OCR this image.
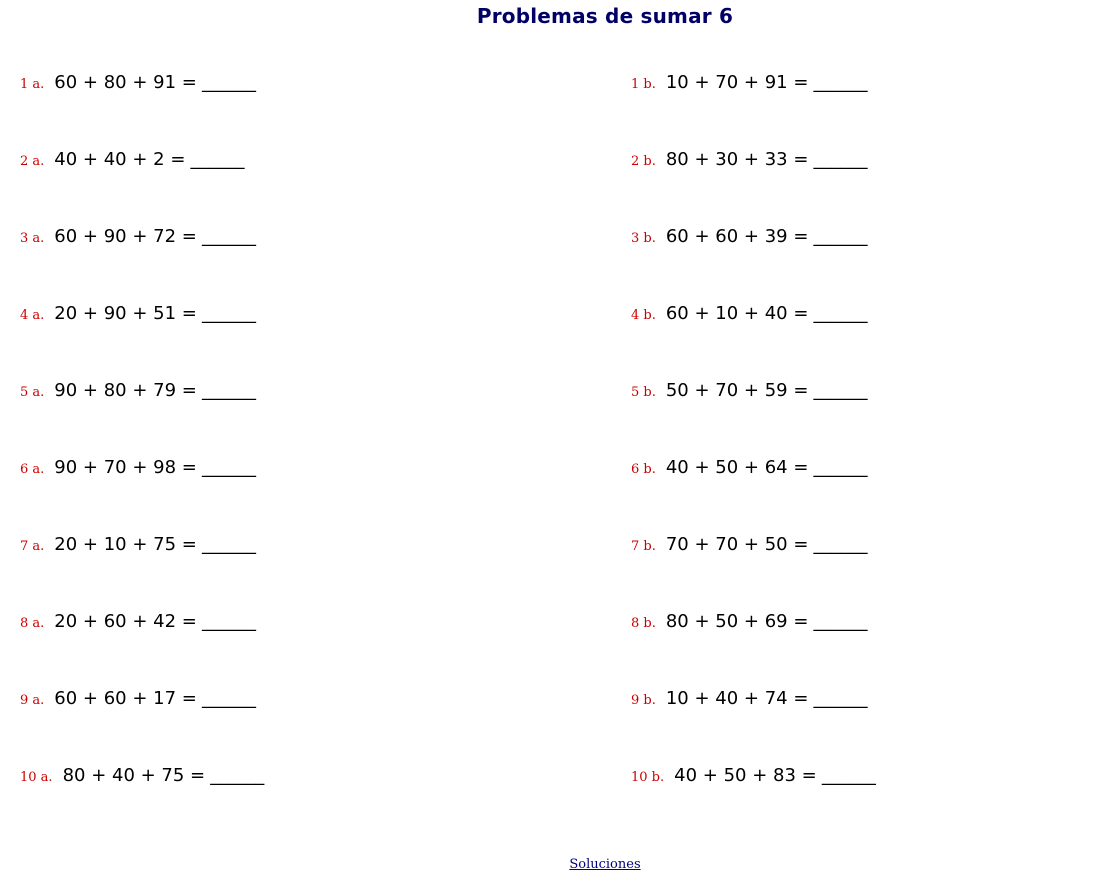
Problemas de sumar 6
1 a. 60 + 80 + 91 = ______
2 a. 40 + 40 + 2 = ______
3 a. 60 + 90 + 72 = ______
4 a. 20 + 90 + 51 = ______
5 a. 90 + 80 + 79 = ______
6 a. 90 + 70 + 98 = ______
7 a. 20 + 10 + 75 = ______
8 a. 20 + 60 + 42 = ______
9 a. 60 + 60 + 17 = ______
10 a. 80 + 40 + 75 = ______
1 b. 10 + 70 + 91 = ______
2 b. 80 + 30 + 33 = ______
3 b. 60 + 60 + 39 = ______
4 b. 60 + 10 + 40 = ______
5 b. 50 + 70 + 59 = ______
6 b. 40 + 50 + 64 = ______
7 b. 70 + 70 + 50 = ______
8 b. 80 + 50 + 69 = ______
9 b. 10 + 40 + 74 = ______
10 b. 40 + 50 + 83 = ______
Soluciones
